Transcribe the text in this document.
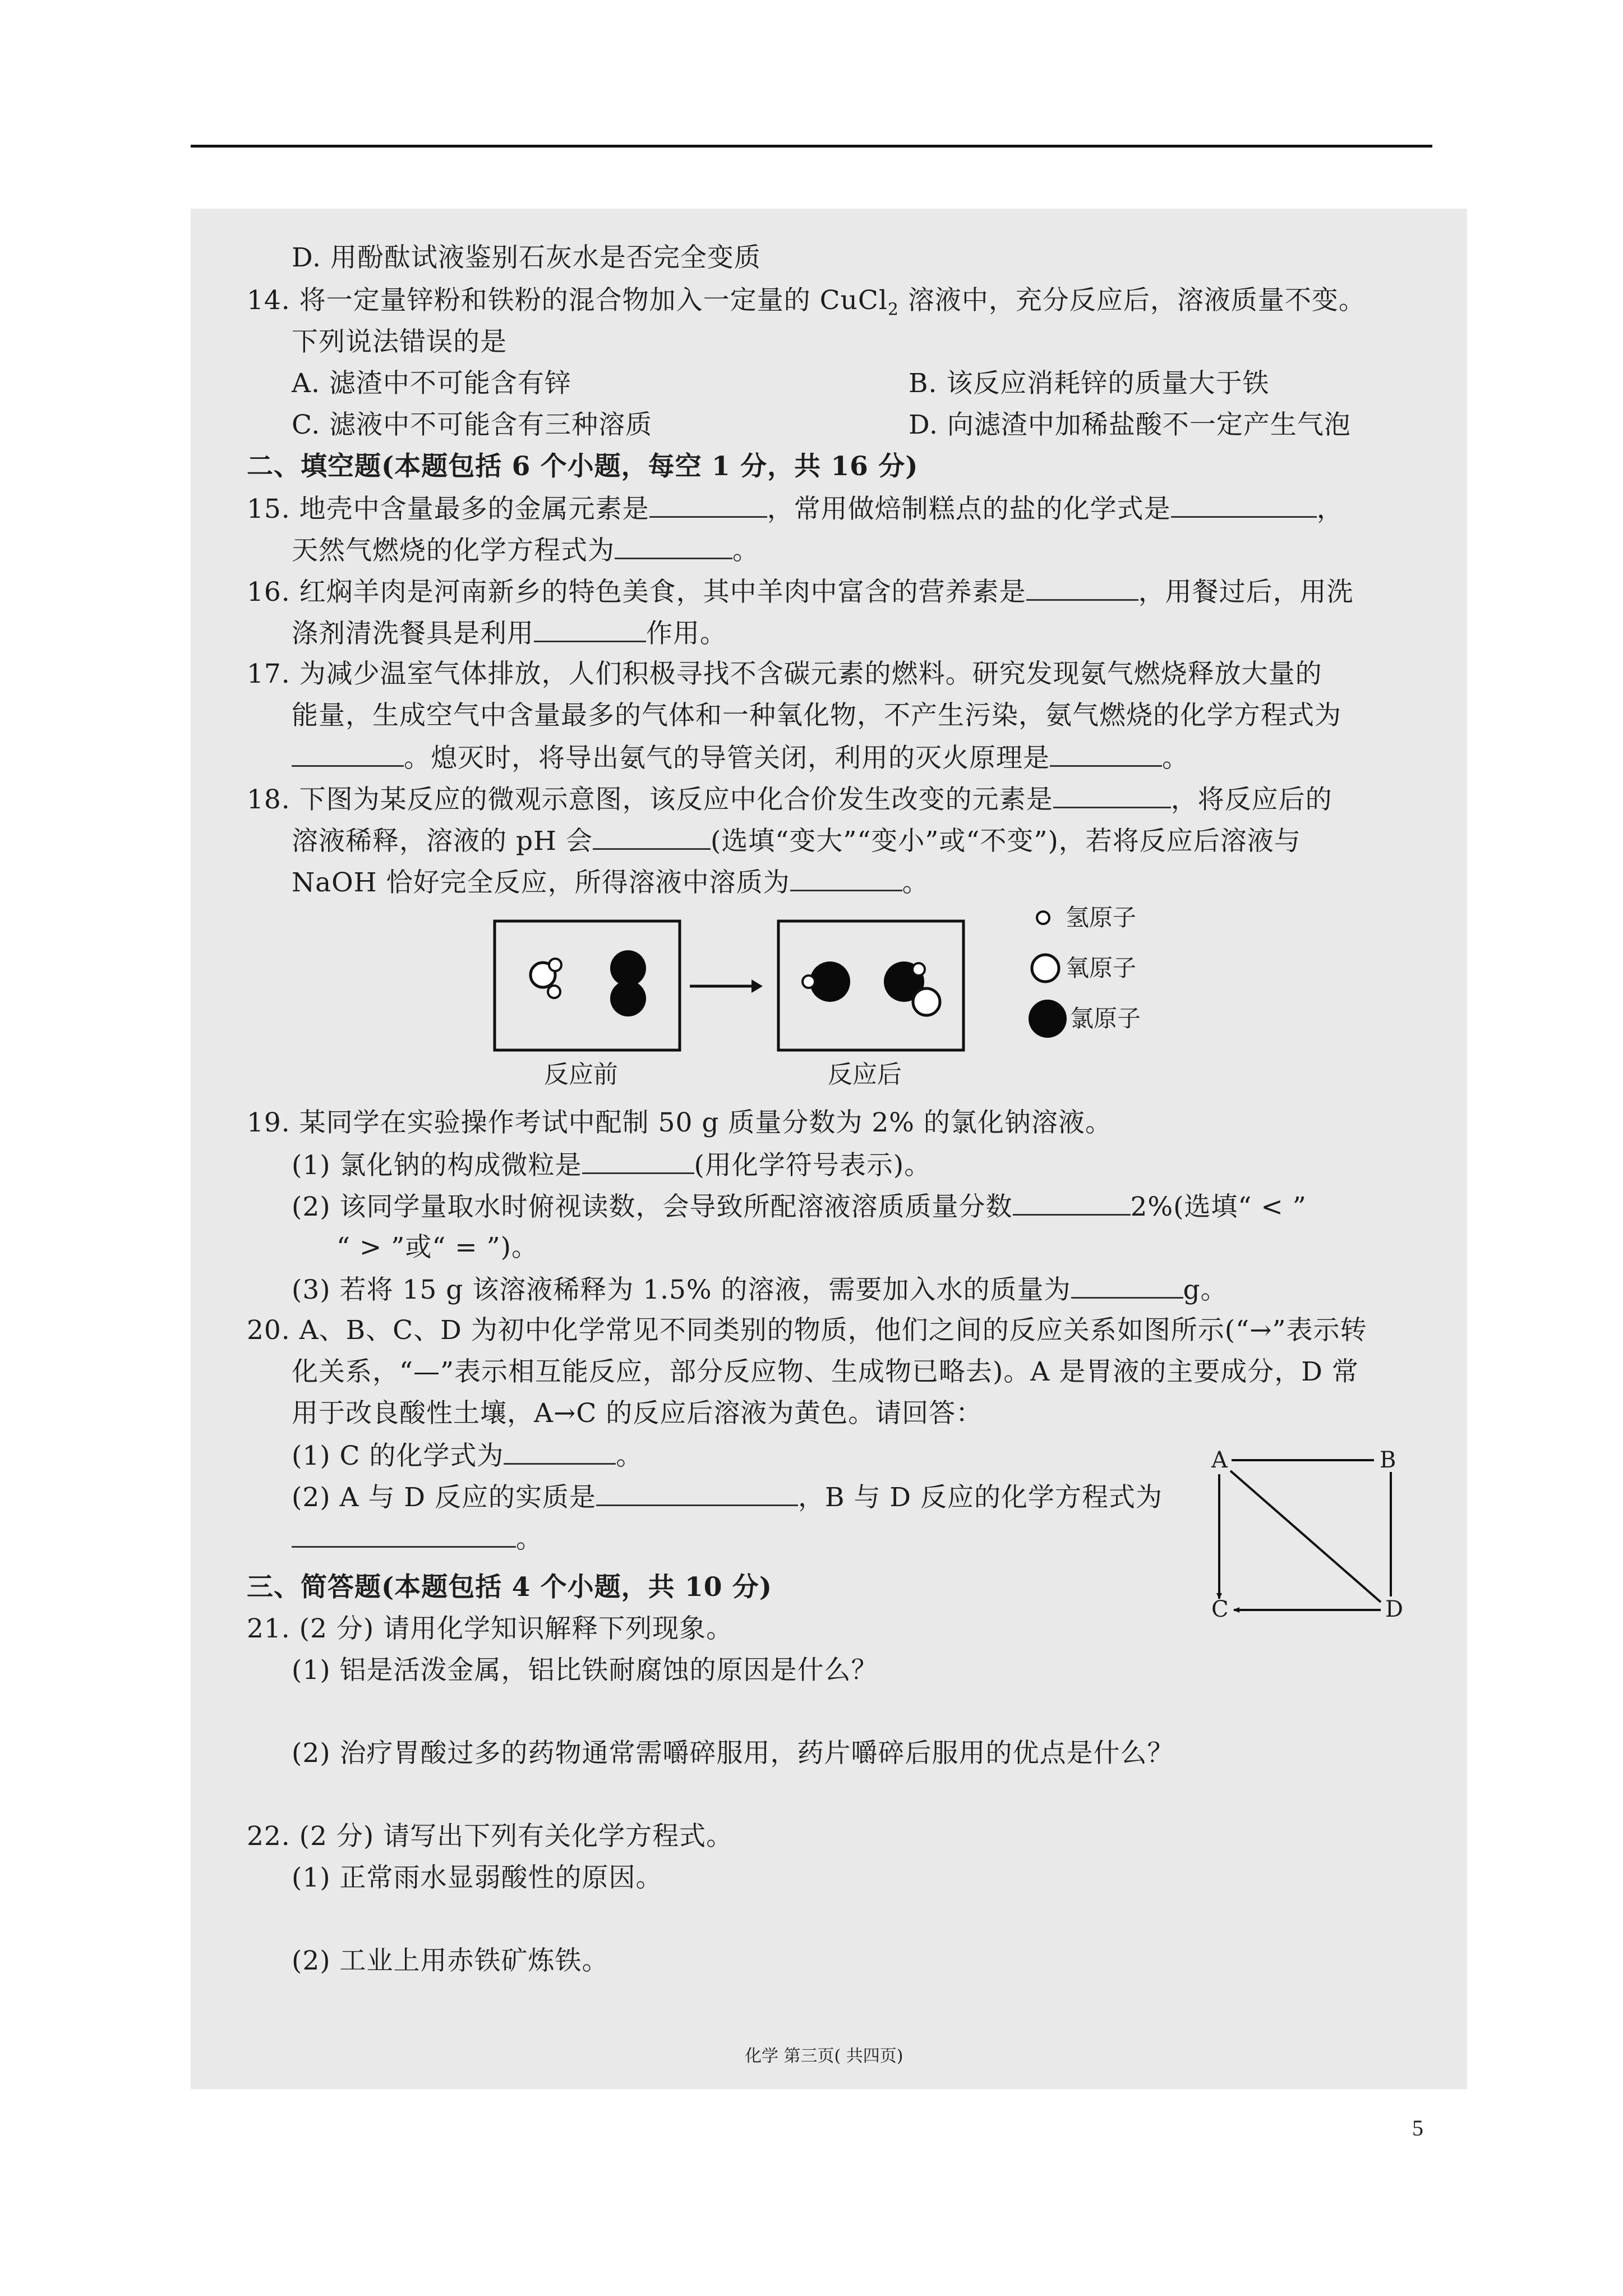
D. 用酚酞试液鉴别石灰水是否完全变质
14. 将一定量锌粉和铁粉的混合物加入一定量的 CuCl$_2$ 溶液中，充分反应后，溶液质量不变。
下列说法错误的是
A. 滤渣中不可能含有锌	B. 该反应消耗锌的质量大于铁
C. 滤液中不可能含有三种溶质	D. 向滤渣中加稀盐酸不一定产生气泡
二、填空题(本题包括 6 个小题，每空 1 分，共 16 分)
15. 地壳中含量最多的金属元素是	，常用做焙制糕点的盐的化学式是	，
天然气燃烧的化学方程式为	。
16. 红焖羊肉是河南新乡的特色美食，其中羊肉中富含的营养素是	，用餐过后，用洗
涤剂清洗餐具是利用	作用。
17. 为减少温室气体排放，人们积极寻找不含碳元素的燃料。研究发现氨气燃烧释放大量的
能量，生成空气中含量最多的气体和一种氧化物，不产生污染，氨气燃烧的化学方程式为
。熄灭时，将导出氨气的导管关闭，利用的灭火原理是	。
18. 下图为某反应的微观示意图，该反应中化合价发生改变的元素是	，将反应后的
溶液稀释，溶液的 pH 会	(选填“变大”“变小”或“不变”)，若将反应后溶液与
NaOH 恰好完全反应，所得溶液中溶质为	。
反应前	反应后
氢原子
氧原子
氯原子
19. 某同学在实验操作考试中配制 50 g 质量分数为 2% 的氯化钠溶液。
(1) 氯化钠的构成微粒是	(用化学符号表示)。
(2) 该同学量取水时俯视读数，会导致所配溶液溶质质量分数	2%(选填“ < ”
“ > ”或“ = ”)。
(3) 若将 15 g 该溶液稀释为 1.5% 的溶液，需要加入水的质量为	g。
20. A、B、C、D 为初中化学常见不同类别的物质，他们之间的反应关系如图所示(“→”表示转
化关系，“—”表示相互能反应，部分反应物、生成物已略去)。A 是胃液的主要成分，D 常
用于改良酸性土壤，A→C 的反应后溶液为黄色。请回答：
(1) C 的化学式为	。
(2) A 与 D 反应的实质是	，B 与 D 反应的化学方程式为
。
A	B
C	D
三、简答题(本题包括 4 个小题，共 10 分)
21. (2 分) 请用化学知识解释下列现象。
(1) 铝是活泼金属，铝比铁耐腐蚀的原因是什么？
(2) 治疗胃酸过多的药物通常需嚼碎服用，药片嚼碎后服用的优点是什么？
22. (2 分) 请写出下列有关化学方程式。
(1) 正常雨水显弱酸性的原因。
(2) 工业上用赤铁矿炼铁。
化学 第三页( 共四页)
5
